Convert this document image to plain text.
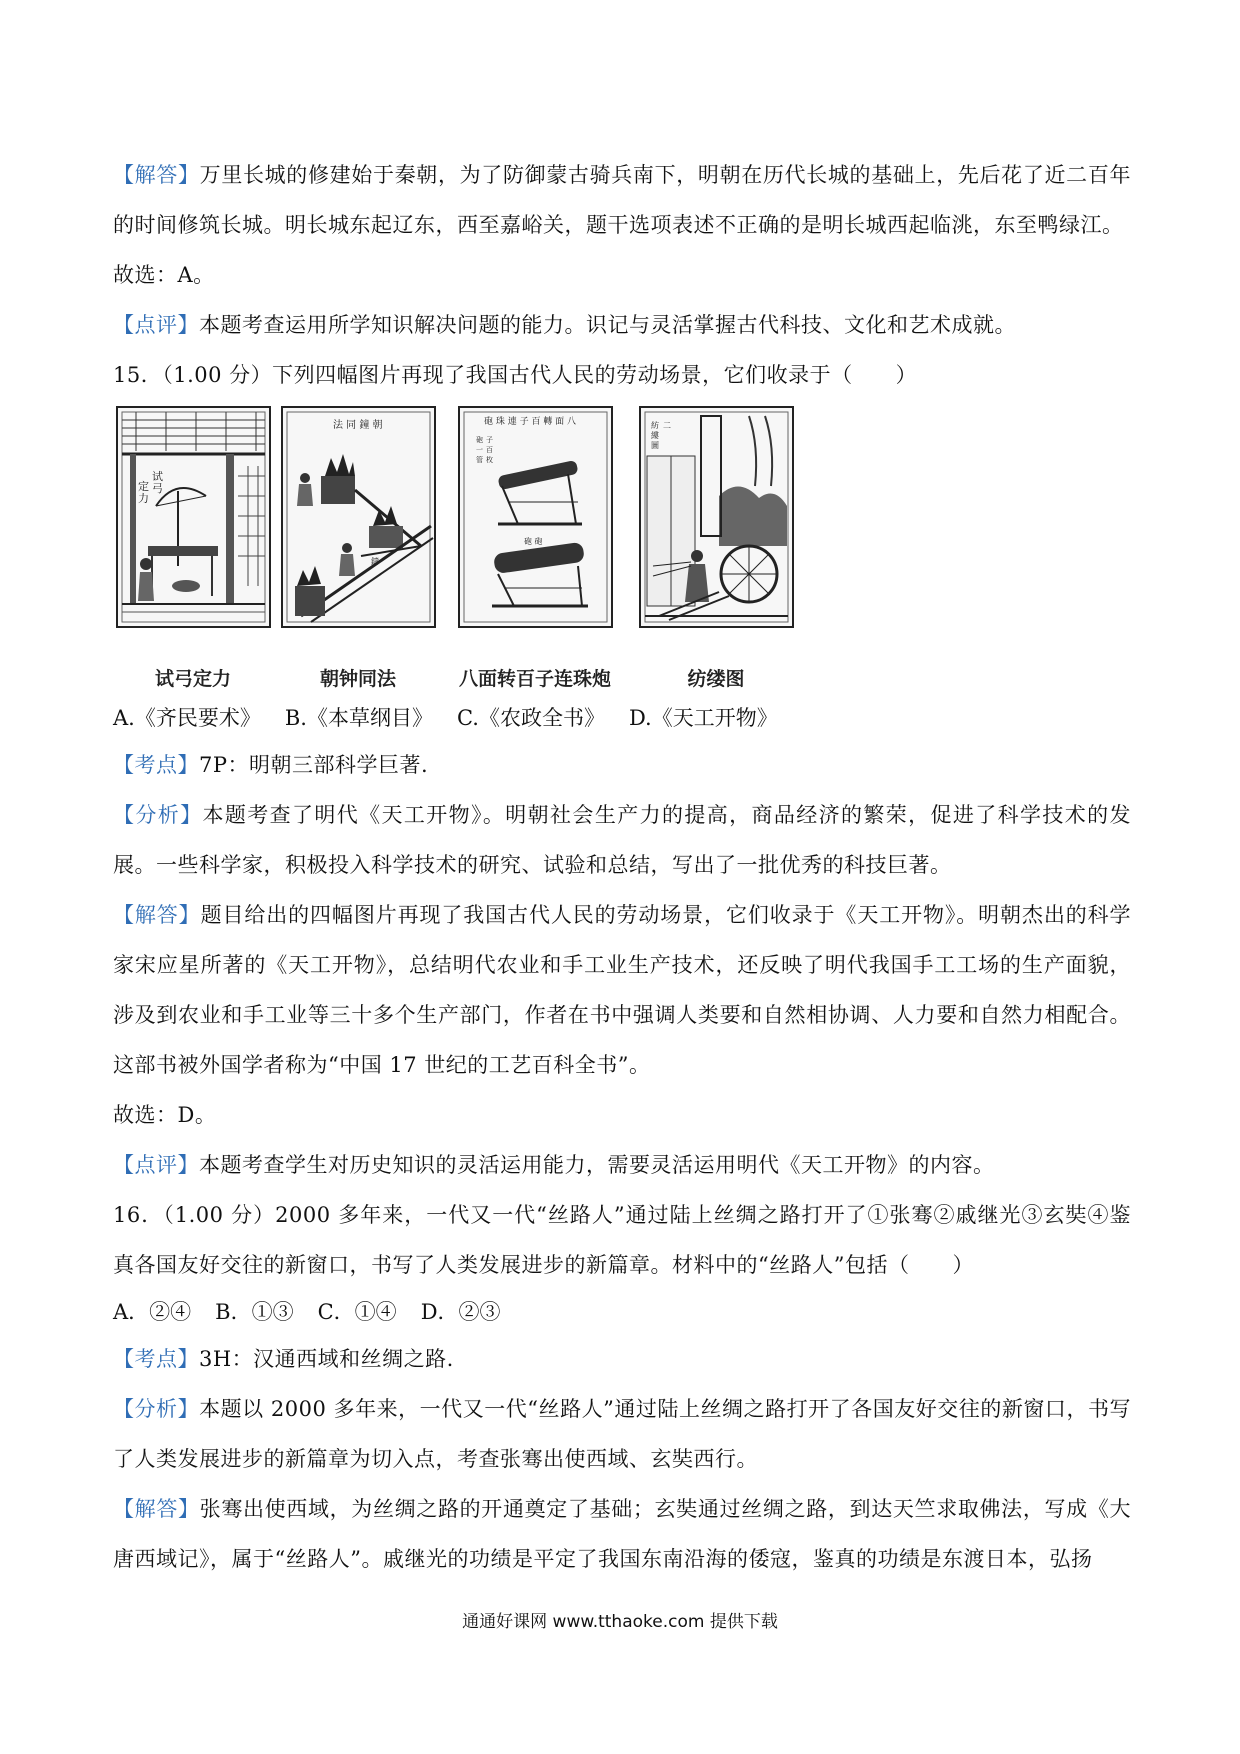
【解答】万里长城的修建始于秦朝，为了防御蒙古骑兵南下，明朝在历代长城的基础上，先后花了近二百年的时间修筑长城。明长城东起辽东，西至嘉峪关，题干选项表述不正确的是明长城西起临洮，东至鸭绿江。

故选：A。

【点评】本题考查运用所学知识解决问题的能力。识记与灵活掌握古代科技、文化和艺术成就。

15．（1.00 分）下列四幅图片再现了我国古代人民的劳动场景，它们收录于（　　）

试
弓
定
力
试弓定力
法 同 鐘 朝
鑄
朝钟同法
砲 珠 連 子 百 轉 面 八
砲
一
管
子
百
枚
砲 砲
八面转百子连珠炮
紡
縷
圖
二
纺缕图

A.《齐民要术》 B.《本草纲目》 C.《农政全书》 D.《天工开物》

【考点】7P：明朝三部科学巨著.

【分析】本题考查了明代《天工开物》。明朝社会生产力的提高，商品经济的繁荣，促进了科学技术的发展。一些科学家，积极投入科学技术的研究、试验和总结，写出了一批优秀的科技巨著。

【解答】题目给出的四幅图片再现了我国古代人民的劳动场景，它们收录于《天工开物》。明朝杰出的科学家宋应星所著的《天工开物》，总结明代农业和手工业生产技术，还反映了明代我国手工工场的生产面貌，涉及到农业和手工业等三十多个生产部门，作者在书中强调人类要和自然相协调、人力要和自然力相配合。这部书被外国学者称为“中国 17 世纪的工艺百科全书”。

故选：D。

【点评】本题考查学生对历史知识的灵活运用能力，需要灵活运用明代《天工开物》的内容。

16．（1.00 分）2000 多年来，一代又一代“丝路人”通过陆上丝绸之路打开了①张骞②戚继光③玄奘④鉴真各国友好交往的新窗口，书写了人类发展进步的新篇章。材料中的“丝路人”包括（　　）

A．②④ B．①③ C．①④ D．②③

【考点】3H：汉通西域和丝绸之路.

【分析】本题以 2000 多年来，一代又一代“丝路人”通过陆上丝绸之路打开了各国友好交往的新窗口，书写了人类发展进步的新篇章为切入点，考查张骞出使西域、玄奘西行。

【解答】张骞出使西域，为丝绸之路的开通奠定了基础；玄奘通过丝绸之路，到达天竺求取佛法，写成《大唐西域记》，属于“丝路人”。戚继光的功绩是平定了我国东南沿海的倭寇，鉴真的功绩是东渡日本，弘扬

通通好课网 www.tthaoke.com 提供下载
